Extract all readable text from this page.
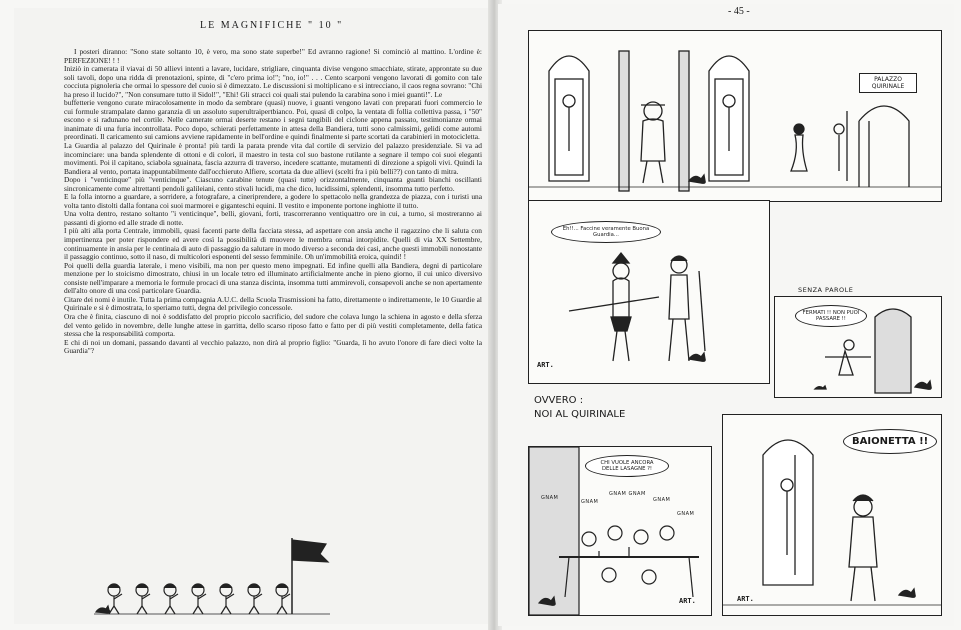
LE MAGNIFICHE " 10 "

I posteri diranno: "Sono state soltanto 10, è vero, ma sono state superbe!" Ed avranno ragione! Si cominciò al mattino. L'ordine è: PERFEZIONE! ! !

Iniziò in camerata il viavai di 50 allievi intenti a lavare, lucidare, strigliare, cinquanta divise vengono smacchiate, stirate, approntate su due soli tavoli, dopo una ridda di prenotazioni, spinte, di "c'ero prima io!"; "no, io!" . . . Cento scarponi vengono lavorati di gomito con tale cocciuta pignoleria che ormai lo spessore del cuoio si è dimezzato. Le discussioni si moltiplicano e si intrecciano, il caos regna sovrano: "Chi ha preso il lucido?", "Non consumare tutto il Sidol!", "Ehi! Gli stracci coi quali stai pulendo la carabina sono i miei guanti!". Le

buffetterie vengono curate miracolosamente in modo da sembrare (quasi) nuove, i guanti vengono lavati con preparati fuori commercio le cui formule strampalate danno garanzia di un assoluto superultraipertbianco. Poi, quasi di colpo, la ventata di follia collettiva passa, i "50" escono e si radunano nel cortile. Nelle camerate ormai deserte restano i segni tangibili del ciclone appena passato, testimonianze ormai inanimate di una furia incontrollata. Poco dopo, schierati perfettamente in attesa della Bandiera, tutti sono calmissimi, gelidi come automi preordinati. Il caricamento sui camions avviene rapidamente in bell'ordine e quindi finalmente si parte scortati da carabinieri in motocicletta.

La Guardia al palazzo del Quirinale è pronta! più tardi la parata prende vita dal cortile di servizio del palazzo presidenziale. Si va ad incominciare: una banda splendente di ottoni e di colori, il maestro in testa col suo bastone rutilante a segnare il tempo coi suoi eleganti movimenti. Poi il capitano, sciabola sguainata, fascia azzurra di traverso, incedere scattante, mutamenti di direzione a spigoli vivi. Quindi la Bandiera al vento, portata inappuntabilmente dall'occhieruto Alfiere, scortata da due allievi (scelti fra i più belli??) con tanto di mitra.

Dopo i "venticinque" più "venticinque". Ciascuno carabine tenute (quasi tutte) orizzontalmente, cinquanta guanti bianchi oscillanti sincronicamente come altrettanti pendoli galileiani, cento stivali lucidi, ma che dico, lucidissimi, splendenti, insomma tutto perfetto.

E la folla intorno a guardare, a sorridere, a fotografare, a cineriprendere, a godere lo spettacolo nella grandezza de piazza, con i turisti una volta tanto distolti dalla fontana coi suoi marmorei e giganteschi equini. Il vestito e imponente portone inghiotte il tutto.

Una volta dentro, restano soltanto "i venticinque", belli, giovani, forti, trascorreranno ventiquattro ore in cui, a turno, si mostreranno ai passanti di giorno ed alle strade di notte.

I più alti alla porta Centrale, immobili, quasi facenti parte della facciata stessa, ad aspettare con ansia anche il ragazzino che li saluta con impertinenza per poter rispondere ed avere così la possibilità di muovere le membra ormai intorpidite. Quelli di via XX Settembre, continuamente in ansia per le centinaia di auto di passaggio da salutare in modo diverso a seconda dei casi, anche questi immobili nonostante il passaggio continuo, sotto il naso, di multicolori esponenti del sesso femminile. Oh un'immobilità eroica, quindi! !

Poi quelli della guardia laterale, i meno visibili, ma non per questo meno impegnati. Ed infine quelli alla Bandiera, degni di particolare menzione per lo stoicismo dimostrato, chiusi in un locale tetro ed illuminato artificialmente anche in pieno giorno, il cui unico diversivo consiste nell'imparare a memoria le formule procaci di una stanza discinta, insomma tutti ammirevoli, consapevoli anche se non apertamente dell'alto onore di una così particolare Guardia.

Citare dei nomi è inutile. Tutta la prima compagnia A.U.C. della Scuola Trasmissioni ha fatto, direttamente o indirettamente, le 10 Guardie al Quirinale e si è dimostrata, lo speriamo tutti, degna del privilegio concessole.

Ora che è finita, ciascuno di noi è soddisfatto del proprio piccolo sacrificio, del sudore che colava lungo la schiena in agosto e della sferza del vento gelido in novembre, delle lunghe attese in garritta, dello scarso riposo fatto e fatto per di più vestiti completamente, della fatica stessa che la responsabilità comporta.

E chi di noi un domani, passando davanti al vecchio palazzo, non dirà al proprio figlio: "Guarda, lì ho avuto l'onore di fare dieci volte la Guardia"?

- 45 -
PALAZZO QUIRINALE
Eh!!... Faccine veramente Buona Guardia...
ART.
SENZA PAROLE
FERMATI !! NON PUOI PASSARE !!
OVVERO :
NOI AL QUIRINALE
CHI VUOLE ANCORA DELLE LASAGNE ?!
GNAM
GNAM
GNAM GNAM
GNAM
GNAM
ART.
BAIONETTA !!
ART.
